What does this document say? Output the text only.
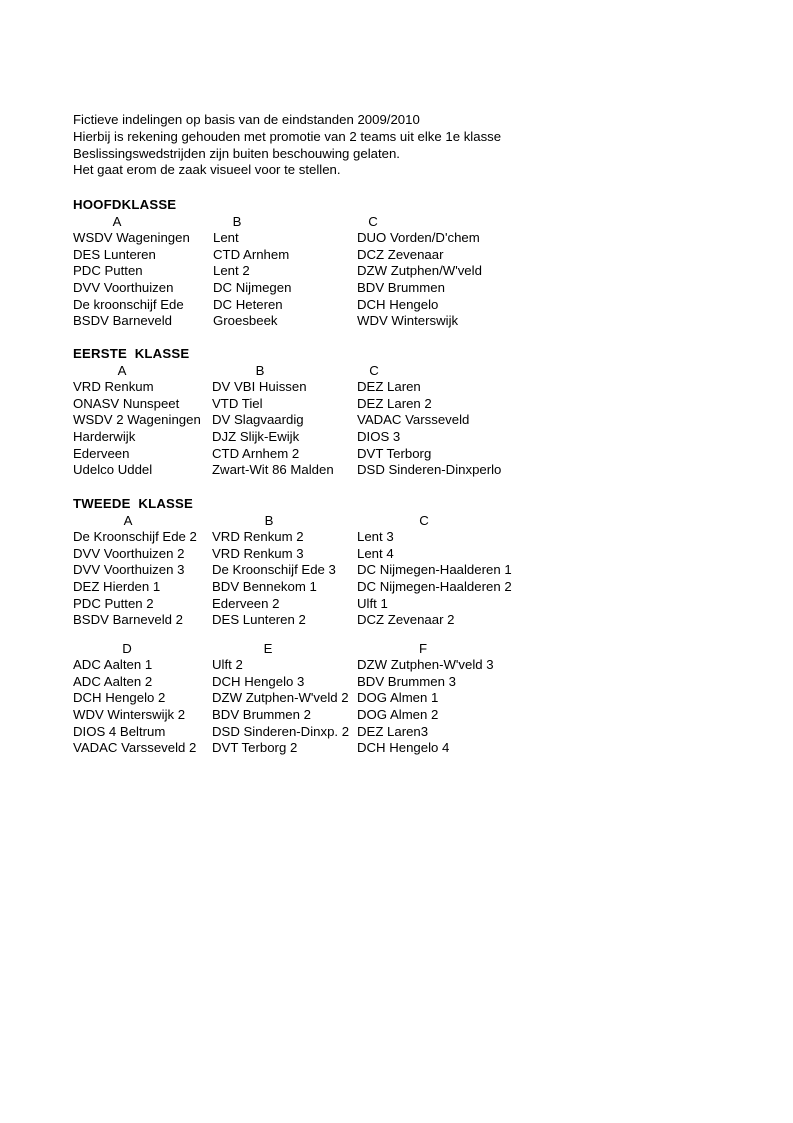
Fictieve indelingen op basis van de eindstanden 2009/2010
Hierbij is rekening gehouden met promotie van 2 teams uit elke 1e klasse
Beslissingswedstrijden zijn buiten beschouwing gelaten.
Het gaat erom de zaak visueel voor te stellen.
HOOFDKLASSE
A
WSDV Wageningen
DES Lunteren
PDC Putten
DVV Voorthuizen
De kroonschijf Ede
BSDV Barneveld
B
Lent
CTD Arnhem
Lent 2
DC Nijmegen
DC Heteren
Groesbeek
C
DUO Vorden/D'chem
DCZ Zevenaar
DZW Zutphen/W'veld
BDV Brummen
DCH Hengelo
WDV Winterswijk
EERSTE  KLASSE
A
VRD Renkum
ONASV Nunspeet
WSDV 2 Wageningen
Harderwijk
Ederveen
Udelco Uddel
B
DV VBI Huissen
VTD Tiel
DV Slagvaardig
DJZ Slijk-Ewijk
CTD Arnhem 2
Zwart-Wit 86 Malden
C
DEZ Laren
DEZ Laren 2
VADAC Varsseveld
DIOS 3
DVT Terborg
DSD Sinderen-Dinxperlo
TWEEDE  KLASSE
A
De Kroonschijf Ede 2
DVV Voorthuizen 2
DVV Voorthuizen 3
DEZ Hierden 1
PDC Putten 2
BSDV Barneveld 2
B
VRD Renkum 2
VRD Renkum 3
De Kroonschijf Ede 3
BDV Bennekom 1
Ederveen 2
DES Lunteren 2
C
Lent 3
Lent 4
DC Nijmegen-Haalderen 1
DC Nijmegen-Haalderen 2
Ulft 1
DCZ Zevenaar 2
D
ADC Aalten 1
ADC Aalten 2
DCH Hengelo 2
WDV Winterswijk 2
DIOS 4 Beltrum
VADAC Varsseveld 2
E
Ulft 2
DCH Hengelo 3
DZW Zutphen-W'veld 2
BDV Brummen 2
DSD Sinderen-Dinxp. 2
DVT Terborg 2
F
DZW Zutphen-W'veld 3
BDV Brummen 3
DOG Almen 1
DOG Almen 2
DEZ Laren3
DCH Hengelo 4
